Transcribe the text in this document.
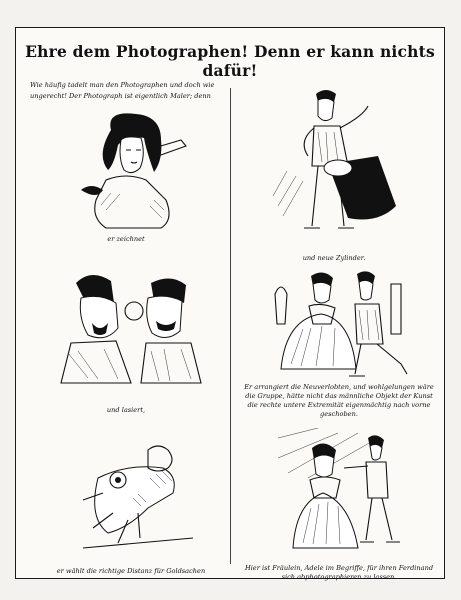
Ehre dem Photographen! Denn er kann nichts dafür!
Wie häufig tadelt man den Photographen und doch wie ungerecht! Der Photograph ist eigentlich Maler; denn
er zeichnet
und lasiert,
er wählt die richtige Distanz für Goldsachen
und neue Zylinder.
Er arrangiert die Neuverlobten, und wohlgelungen wäre die Gruppe, hätte nicht das männliche Objekt der Kunst die rechte untere Extremität eigenmächtig nach vorne geschoben.
Hier ist Fräulein, Adele im Begriffe, für ihren Ferdinand sich abphotographieren zu lassen.
